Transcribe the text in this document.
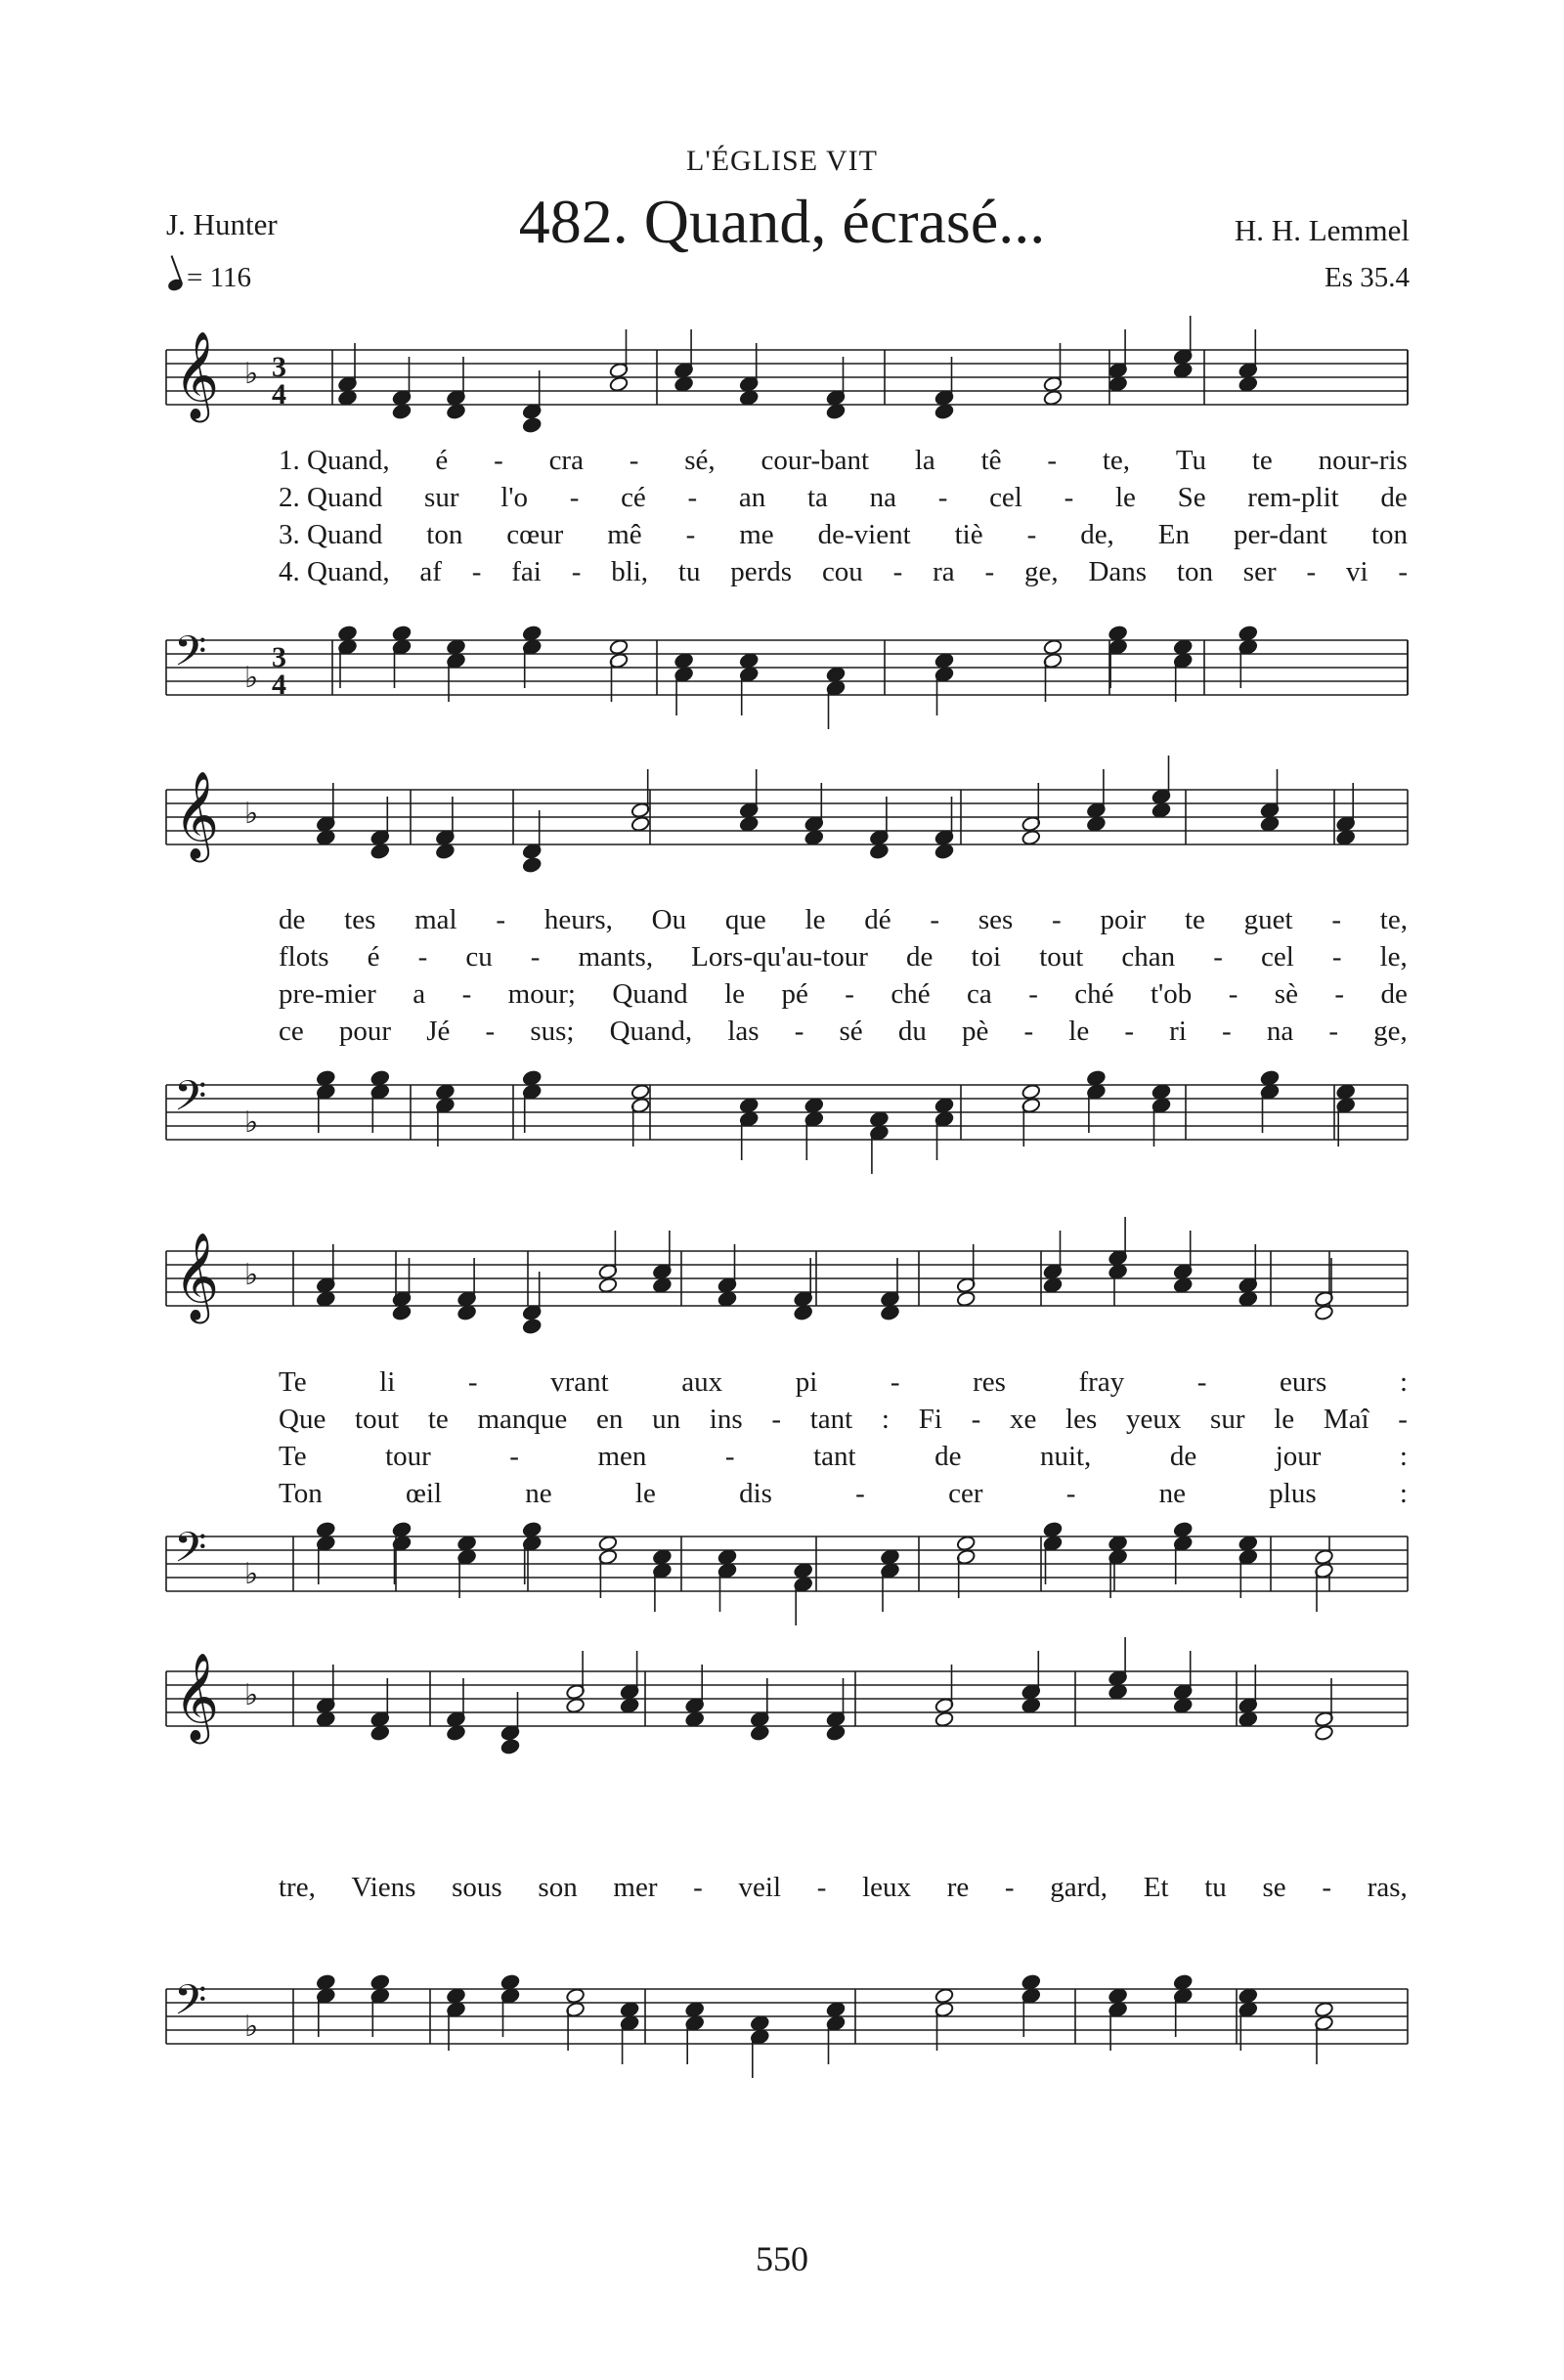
L'ÉGLISE VIT
482. Quand, écrasé...
J. Hunter	H. H. Lemmel
= 116	Es 35.4
𝄞
𝄢
♭
♭
3
4
3
4
𝄞
𝄢
♭
♭
𝄞
𝄢
♭
♭
𝄞
𝄢
♭
♭
1. Quand, é - cra - sé, cour-bant la tê - te, Tu te nour-ris
2. Quand sur l'o - cé - an ta na - cel - le Se rem-plit de
3. Quand ton cœur mê - me de-vient tiè - de, En per-dant ton
4. Quand, af - fai - bli, tu perds cou - ra - ge, Dans ton ser - vi -
de tes mal - heurs, Ou que le dé - ses - poir te guet - te,
flots é - cu - mants, Lors-qu'au-tour de toi tout chan - cel - le,
pre-mier a - mour; Quand le pé - ché ca - ché t'ob - sè - de
ce pour Jé - sus; Quand, las - sé du pè - le - ri - na - ge,
Te	li	-	vrant	aux	pi	-	res	fray	-	eurs	:
Que tout te manque en un ins - tant : Fi - xe les yeux sur le Maî -
Te	tour	-	men	-	tant	de	nuit,	de	jour	:
Ton	œil	ne	le	dis	-	cer	-	ne	plus	:
tre, Viens sous son mer - veil - leux re - gard, Et tu se - ras,
550
